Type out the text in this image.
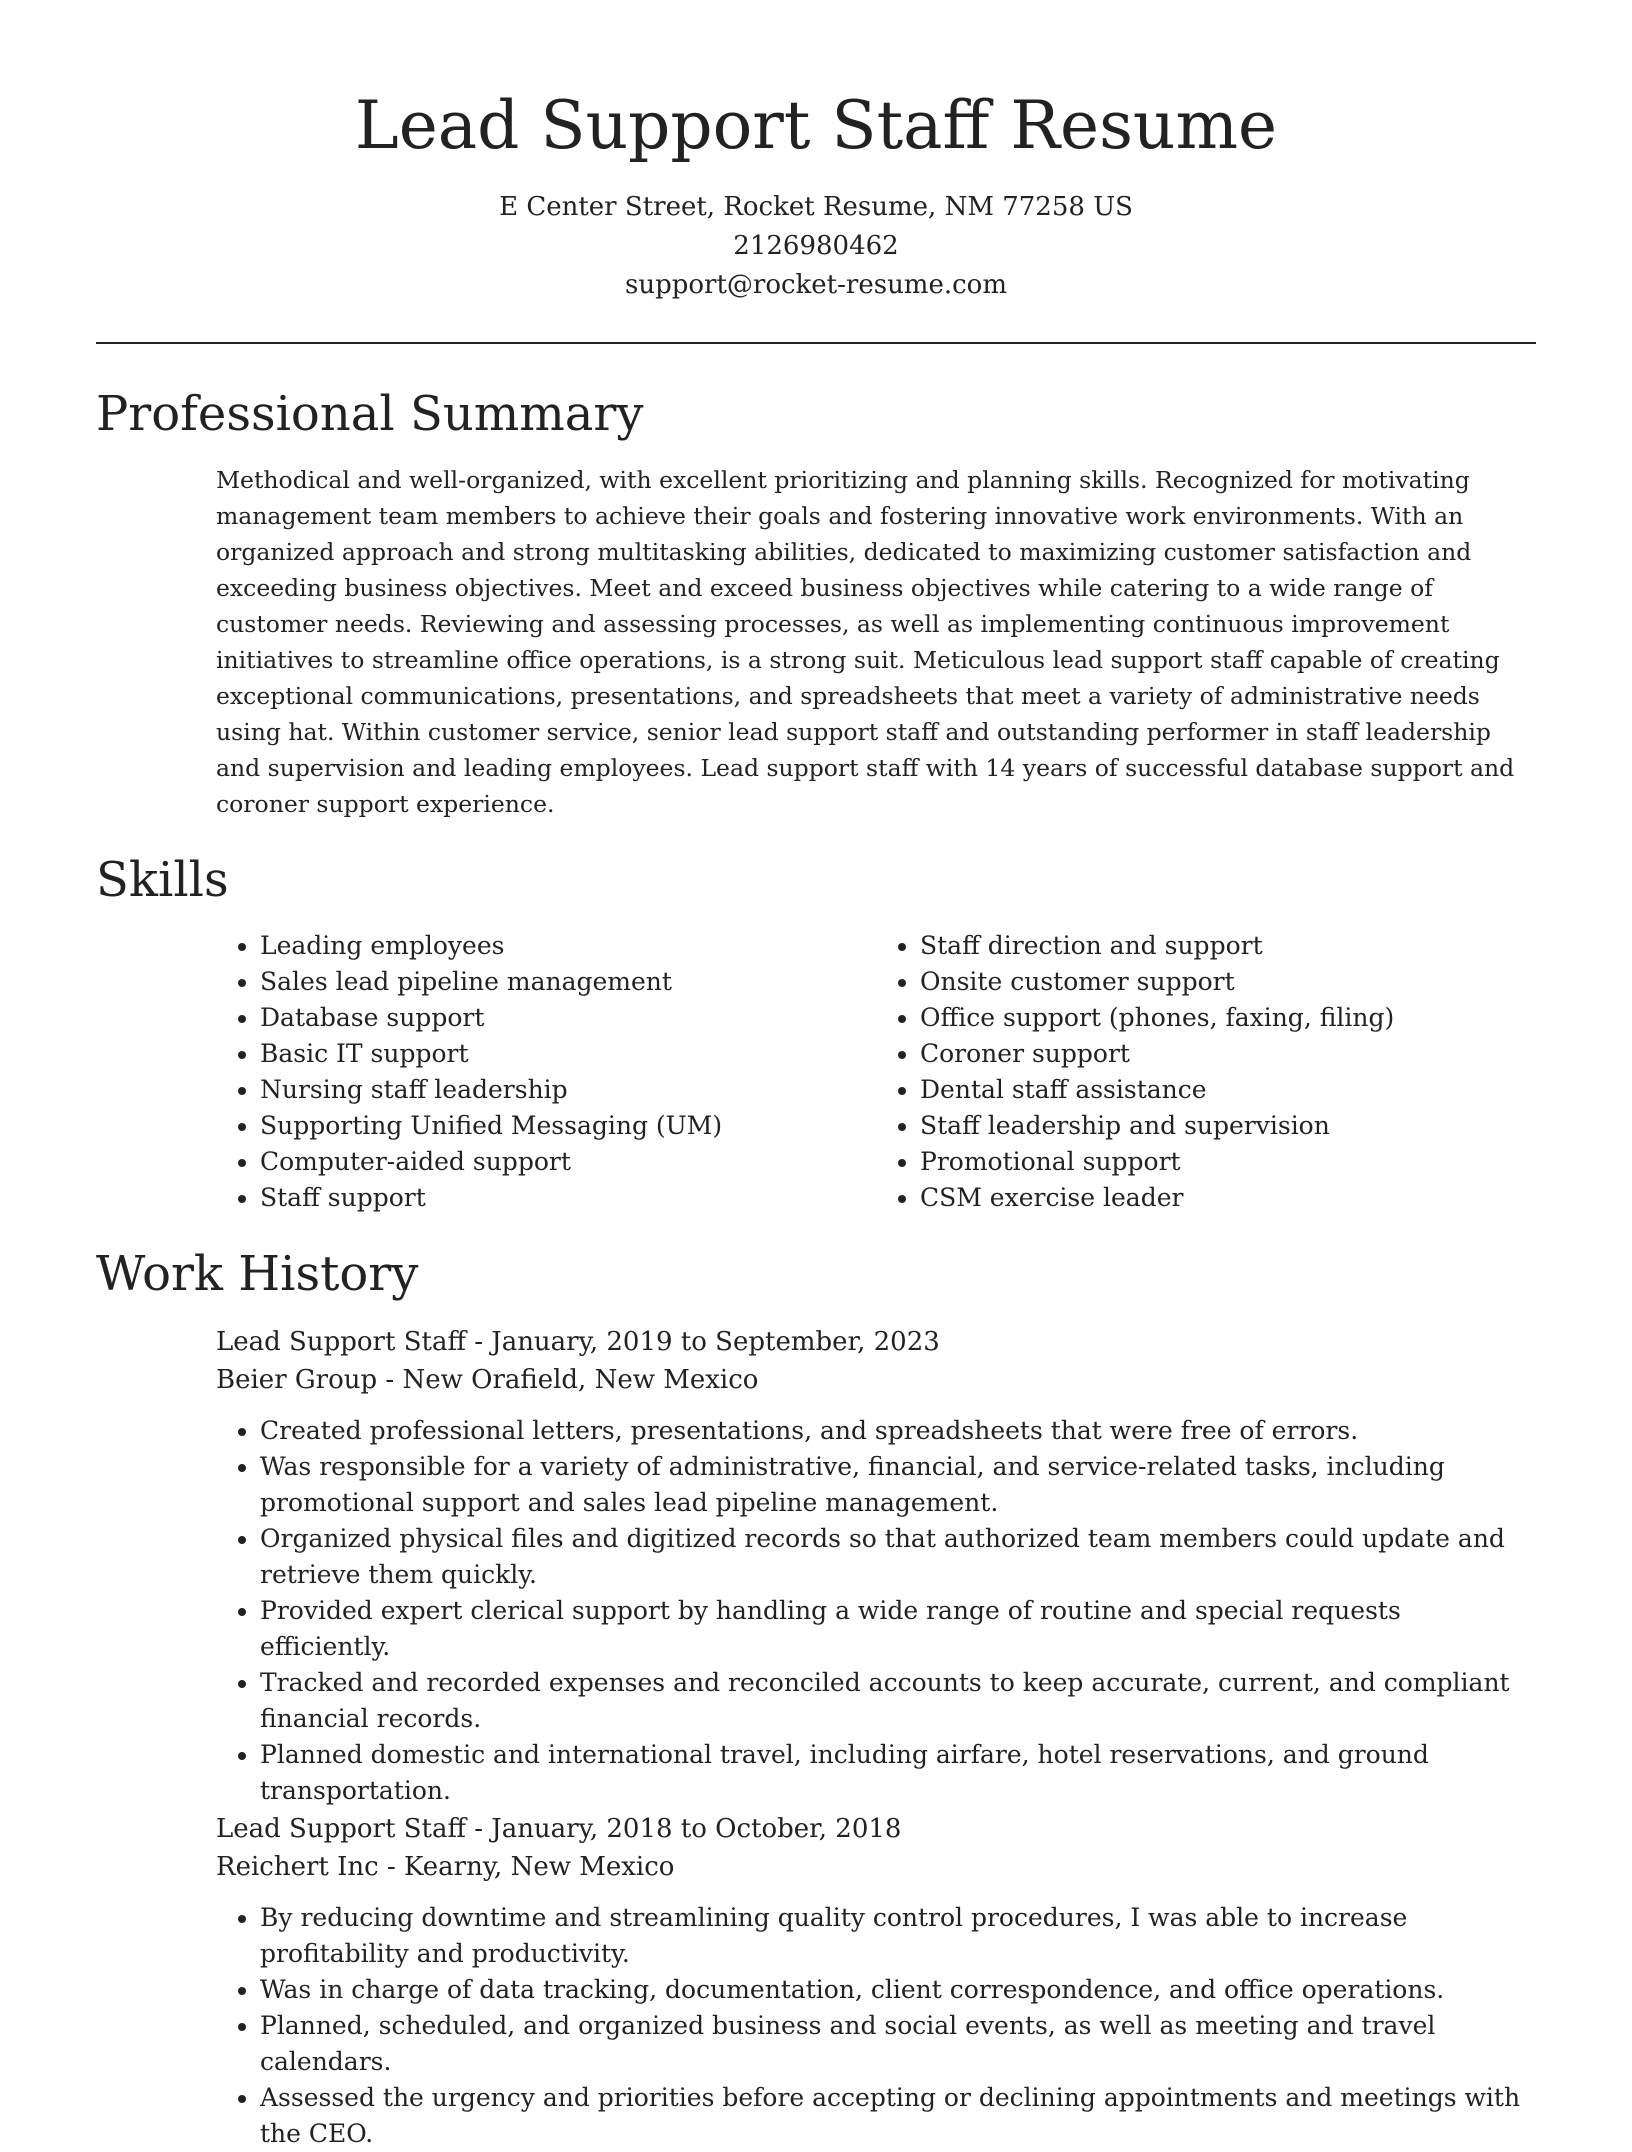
Lead Support Staff Resume
E Center Street, Rocket Resume, NM 77258 US
2126980462
support@rocket-resume.com
Professional Summary

Methodical and well-organized, with excellent prioritizing and planning skills. Recognized for motivating management team members to achieve their goals and fostering innovative work environments. With an organized approach and strong multitasking abilities, dedicated to maximizing customer satisfaction and exceeding business objectives. Meet and exceed business objectives while catering to a wide range of customer needs. Reviewing and assessing processes, as well as implementing continuous improvement initiatives to streamline office operations, is a strong suit. Meticulous lead support staff capable of creating exceptional communications, presentations, and spreadsheets that meet a variety of administrative needs using hat. Within customer service, senior lead support staff and outstanding performer in staff leadership and supervision and leading employees. Lead support staff with 14 years of successful database support and coroner support experience.

Skills
• Leading employees
• Sales lead pipeline management
• Database support
• Basic IT support
• Nursing staff leadership
• Supporting Unified Messaging (UM)
• Computer-aided support
• Staff support
• Staff direction and support
• Onsite customer support
• Office support (phones, faxing, filing)
• Coroner support
• Dental staff assistance
• Staff leadership and supervision
• Promotional support
• CSM exercise leader
Work History
Lead Support Staff - January, 2019 to September, 2023
Beier Group - New Orafield, New Mexico
• Created professional letters, presentations, and spreadsheets that were free of errors.
• Was responsible for a variety of administrative, financial, and service-related tasks, including promotional support and sales lead pipeline management.
• Organized physical files and digitized records so that authorized team members could update and retrieve them quickly.
• Provided expert clerical support by handling a wide range of routine and special requests efficiently.
• Tracked and recorded expenses and reconciled accounts to keep accurate, current, and compliant financial records.
• Planned domestic and international travel, including airfare, hotel reservations, and ground transportation.
Lead Support Staff - January, 2018 to October, 2018
Reichert Inc - Kearny, New Mexico
• By reducing downtime and streamlining quality control procedures, I was able to increase profitability and productivity.
• Was in charge of data tracking, documentation, client correspondence, and office operations.
• Planned, scheduled, and organized business and social events, as well as meeting and travel calendars.
• Assessed the urgency and priorities before accepting or declining appointments and meetings with the CEO.
